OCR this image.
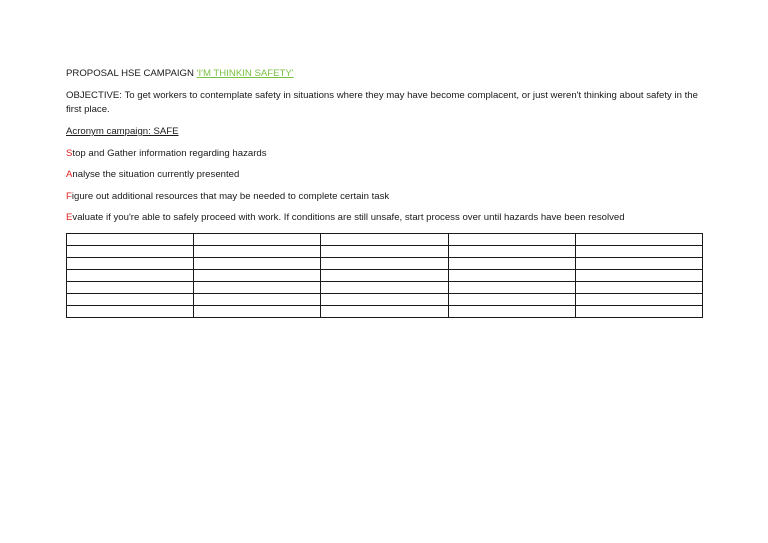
PROPOSAL HSE CAMPAIGN 'I'M THINKIN SAFETY'
OBJECTIVE: To get workers to contemplate safety in situations where they may have become complacent, or just weren't thinking about safety in the first place.
Acronym campaign: SAFE
Stop and Gather information regarding hazards
Analyse the situation currently presented
Figure out additional resources that may be needed to complete certain task
Evaluate if you're able to safely proceed with work. If conditions are still unsafe, start process over until hazards have been resolved
